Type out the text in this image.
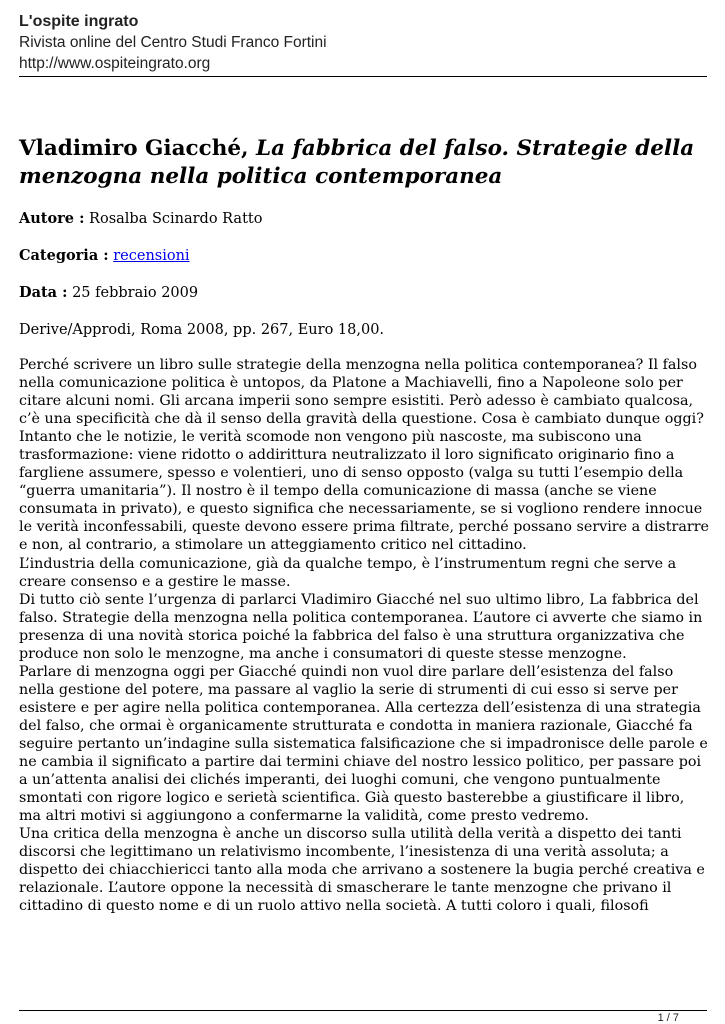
L'ospite ingrato
Rivista online del Centro Studi Franco Fortini
http://www.ospiteingrato.org
Vladimiro Giacché, La fabbrica del falso. Strategie della menzogna nella politica contemporanea

Autore : Rosalba Scinardo Ratto

Categoria : recensioni

Data : 25 febbraio 2009

Derive/Approdi, Roma 2008, pp. 267, Euro 18,00.

Perché scrivere un libro sulle strategie della menzogna nella politica contemporanea? Il falso nella comunicazione politica è untopos, da Platone a Machiavelli, fino a Napoleone solo per citare alcuni nomi. Gli arcana imperii sono sempre esistiti. Però adesso è cambiato qualcosa, c’è una specificità che dà il senso della gravità della questione. Cosa è cambiato dunque oggi?

Intanto che le notizie, le verità scomode non vengono più nascoste, ma subiscono una trasformazione: viene ridotto o addirittura neutralizzato il loro significato originario fino a fargliene assumere, spesso e volentieri, uno di senso opposto (valga su tutti l’esempio della “guerra umanitaria”). Il nostro è il tempo della comunicazione di massa (anche se viene consumata in privato), e questo significa che necessariamente, se si vogliono rendere innocue le verità inconfessabili, queste devono essere prima filtrate, perché possano servire a distrarre e non, al contrario, a stimolare un atteggiamento critico nel cittadino.

L’industria della comunicazione, già da qualche tempo, è l’instrumentum regni che serve a creare consenso e a gestire le masse.

Di tutto ciò sente l’urgenza di parlarci Vladimiro Giacché nel suo ultimo libro, La fabbrica del falso. Strategie della menzogna nella politica contemporanea. L’autore ci avverte che siamo in presenza di una novità storica poiché la fabbrica del falso è una struttura organizzativa che produce non solo le menzogne, ma anche i consumatori di queste stesse menzogne.

Parlare di menzogna oggi per Giacché quindi non vuol dire parlare dell’esistenza del falso nella gestione del potere, ma passare al vaglio la serie di strumenti di cui esso si serve per esistere e per agire nella politica contemporanea. Alla certezza dell’esistenza di una strategia del falso, che ormai è organicamente strutturata e condotta in maniera razionale, Giacché fa seguire pertanto un’indagine sulla sistematica falsificazione che si impadronisce delle parole e ne cambia il significato a partire dai termini chiave del nostro lessico politico, per passare poi a un’attenta analisi dei clichés imperanti, dei luoghi comuni, che vengono puntualmente smontati con rigore logico e serietà scientifica. Già questo basterebbe a giustificare il libro, ma altri motivi si aggiungono a confermarne la validità, come presto vedremo.

Una critica della menzogna è anche un discorso sulla utilità della verità a dispetto dei tanti discorsi che legittimano un relativismo incombente, l’inesistenza di una verità assoluta; a dispetto dei chiacchiericci tanto alla moda che arrivano a sostenere la bugia perché creativa e relazionale. L’autore oppone la necessità di smascherare le tante menzogne che privano il cittadino di questo nome e di un ruolo attivo nella società. A tutti coloro i quali, filosofi

1 / 7
